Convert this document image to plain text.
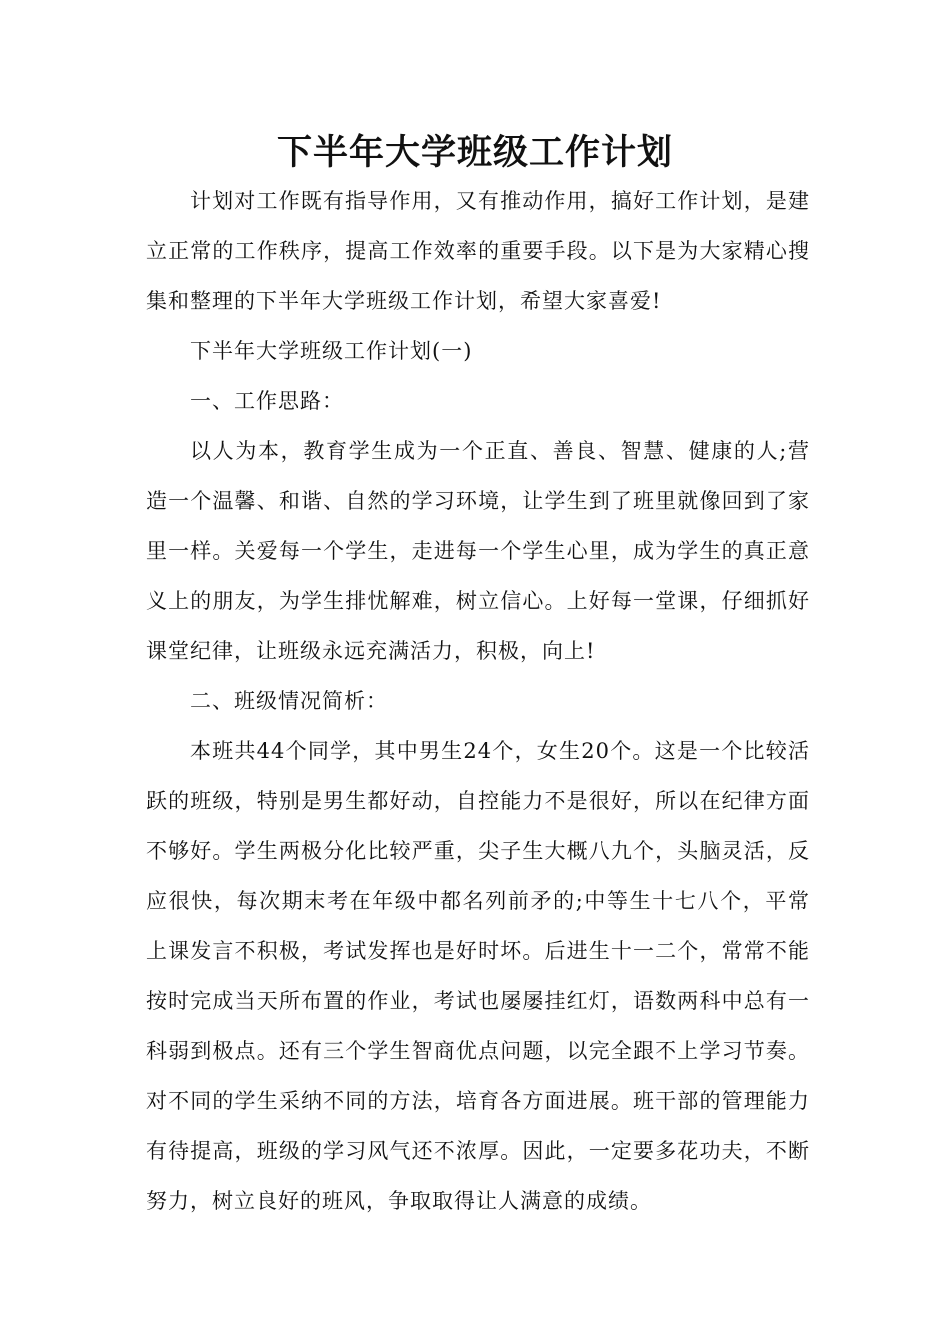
下半年大学班级工作计划

计划对工作既有指导作用，又有推动作用，搞好工作计划，是建立正常的工作秩序，提高工作效率的重要手段。以下是为大家精心搜集和整理的下半年大学班级工作计划，希望大家喜爱!

下半年大学班级工作计划(一)

一、工作思路：

以人为本，教育学生成为一个正直、善良、智慧、健康的人;营造一个温馨、和谐、自然的学习环境，让学生到了班里就像回到了家里一样。关爱每一个学生，走进每一个学生心里，成为学生的真正意义上的朋友，为学生排忧解难，树立信心。上好每一堂课，仔细抓好课堂纪律，让班级永远充满活力，积极，向上!

二、班级情况简析：

本班共44个同学，其中男生24个，女生20个。这是一个比较活跃的班级，特别是男生都好动，自控能力不是很好，所以在纪律方面不够好。学生两极分化比较严重，尖子生大概八九个，头脑灵活，反应很快，每次期末考在年级中都名列前矛的;中等生十七八个，平常上课发言不积极，考试发挥也是好时坏。后进生十一二个，常常不能按时完成当天所布置的作业，考试也屡屡挂红灯，语数两科中总有一科弱到极点。还有三个学生智商优点问题，以完全跟不上学习节奏。对不同的学生采纳不同的方法，培育各方面进展。班干部的管理能力有待提高，班级的学习风气还不浓厚。因此，一定要多花功夫，不断努力，树立良好的班风，争取取得让人满意的成绩。
